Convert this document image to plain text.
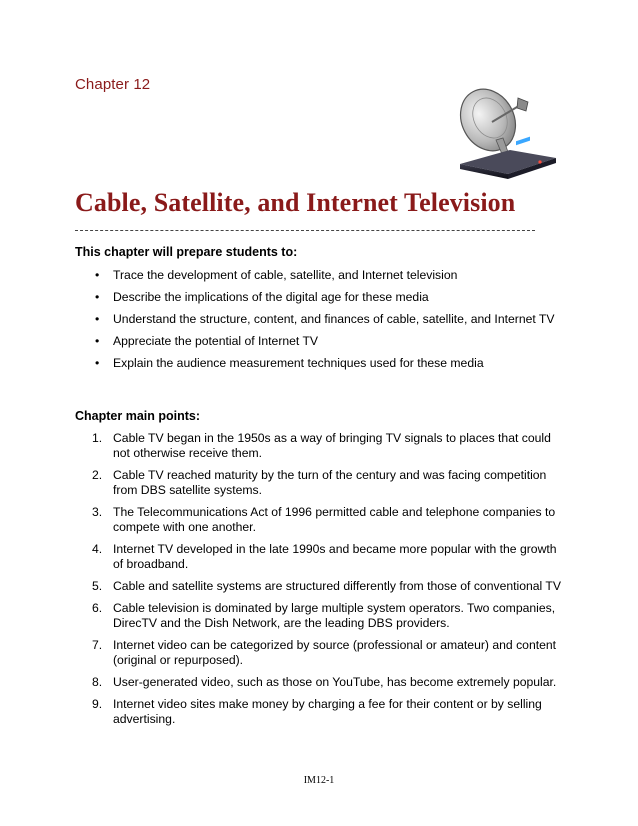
Chapter 12
Cable, Satellite, and Internet Television
This chapter will prepare students to:
• Trace the development of cable, satellite, and Internet television
• Describe the implications of the digital age for these media
• Understand the structure, content, and finances of cable, satellite, and Internet TV
• Appreciate the potential of Internet TV
• Explain the audience measurement techniques used for these media
Chapter main points:
1. Cable TV began in the 1950s as a way of bringing TV signals to places that could not otherwise receive them.
2. Cable TV reached maturity by the turn of the century and was facing competition from DBS satellite systems.
3. The Telecommunications Act of 1996 permitted cable and telephone companies to compete with one another.
4. Internet TV developed in the late 1990s and became more popular with the growth of broadband.
5. Cable and satellite systems are structured differently from those of conventional TV
6. Cable television is dominated by large multiple system operators. Two companies, DirecTV and the Dish Network, are the leading DBS providers.
7. Internet video can be categorized by source (professional or amateur) and content (original or repurposed).
8. User-generated video, such as those on YouTube, has become extremely popular.
9. Internet video sites make money by charging a fee for their content or by selling advertising.
IM12-1
